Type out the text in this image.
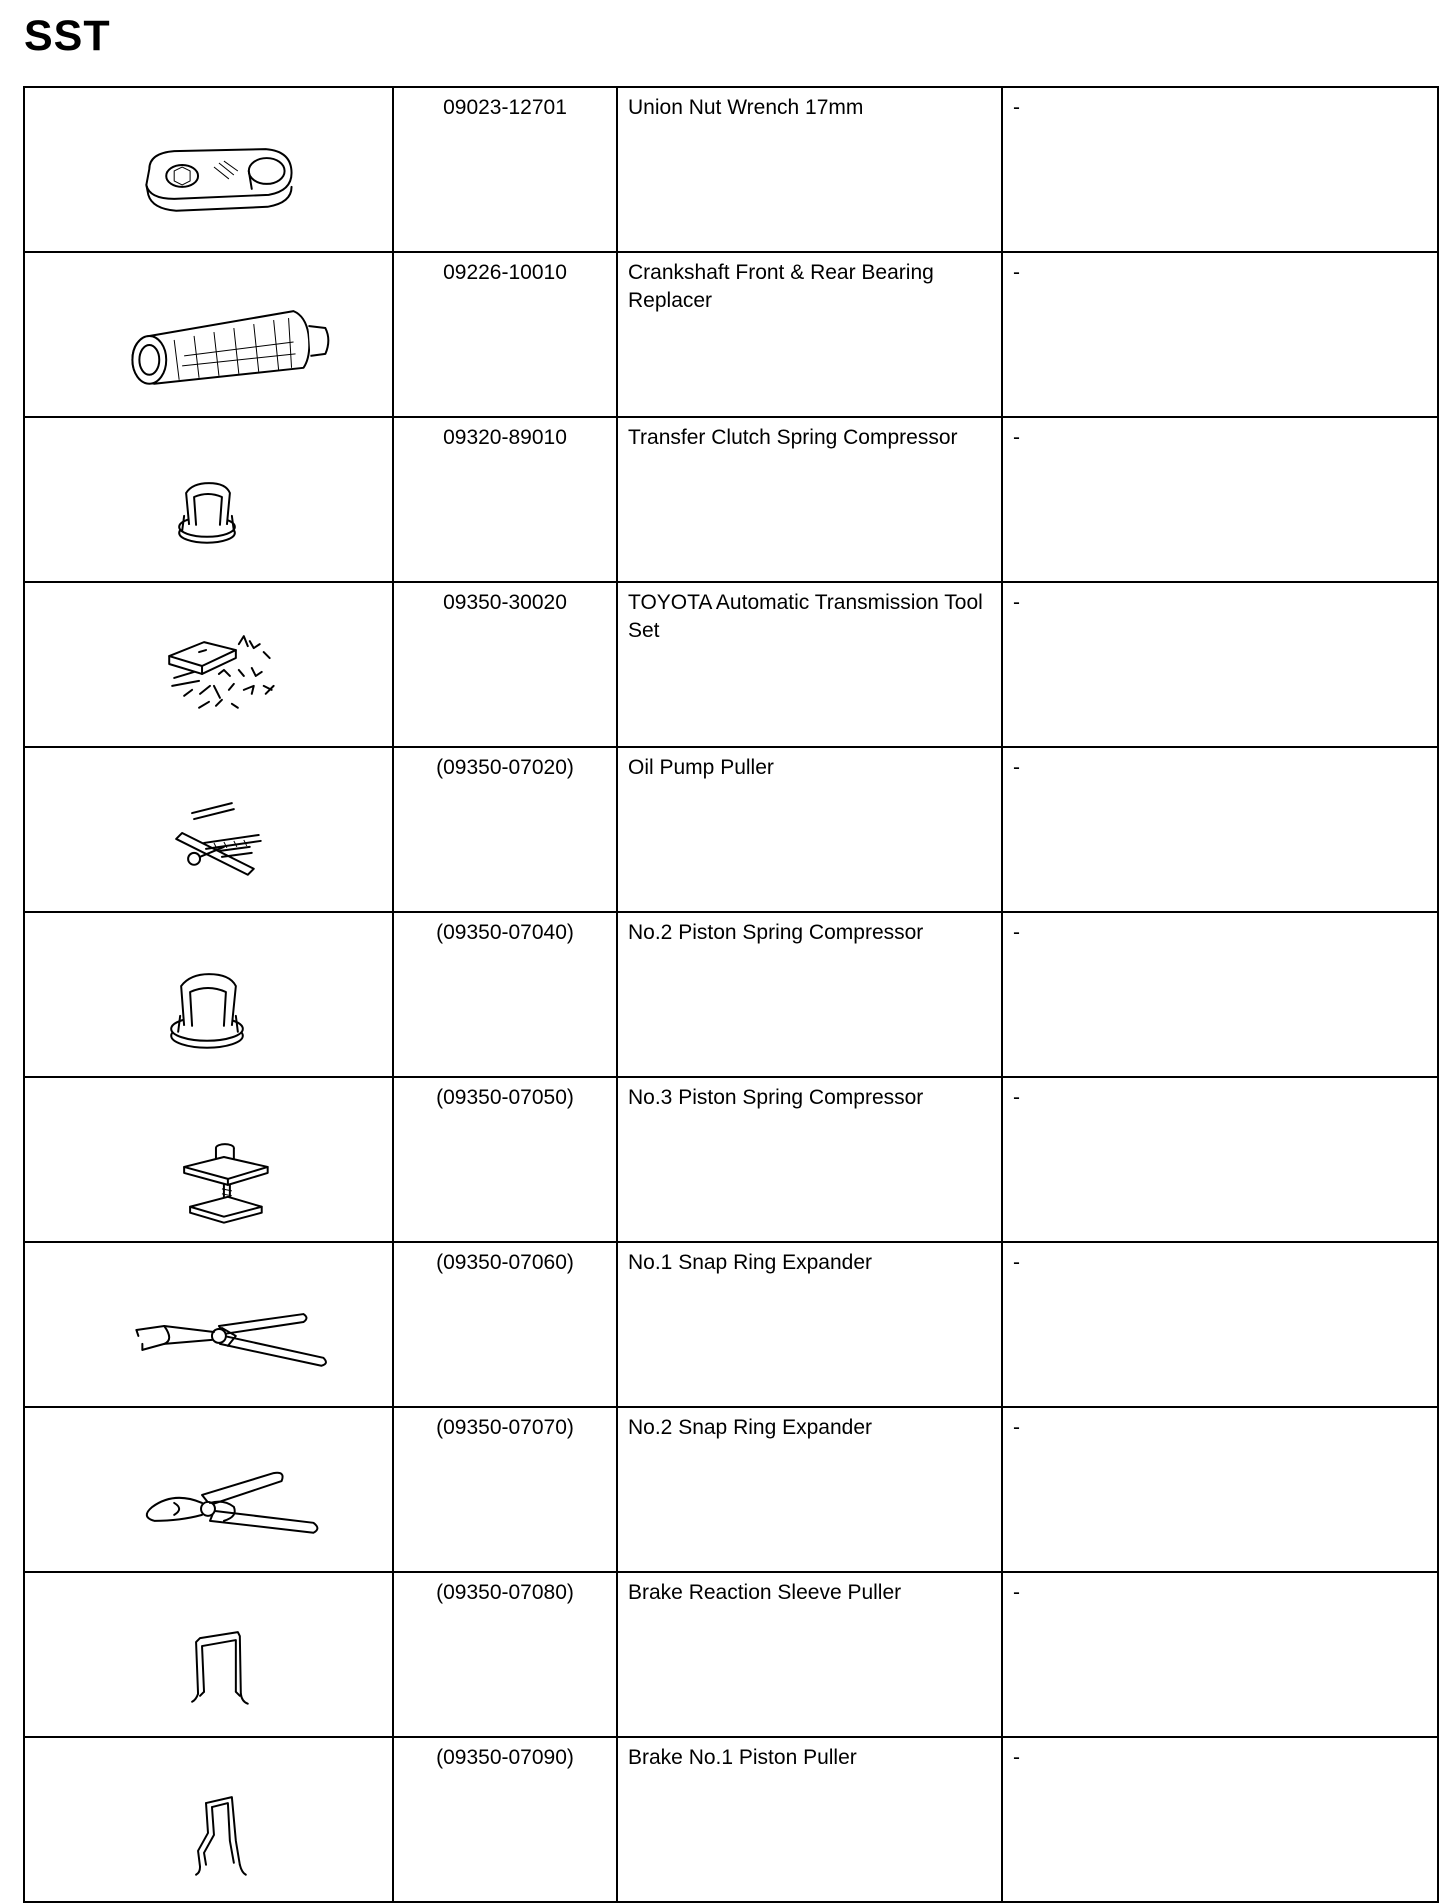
SST
	09023-12701	Union Nut Wrench 17mm	-

	09226-10010	Crankshaft Front & Rear Bearing Replacer	-

	09320-89010	Transfer Clutch Spring Compressor	-

	09350-30020	TOYOTA Automatic Transmission Tool Set	-

	(09350-07020)	Oil Pump Puller	-

	(09350-07040)	No.2 Piston Spring Compressor	-

	(09350-07050)	No.3 Piston Spring Compressor	-

	(09350-07060)	No.1 Snap Ring Expander	-

	(09350-07070)	No.2 Snap Ring Expander	-

	(09350-07080)	Brake Reaction Sleeve Puller	-

	(09350-07090)	Brake No.1 Piston Puller	-
